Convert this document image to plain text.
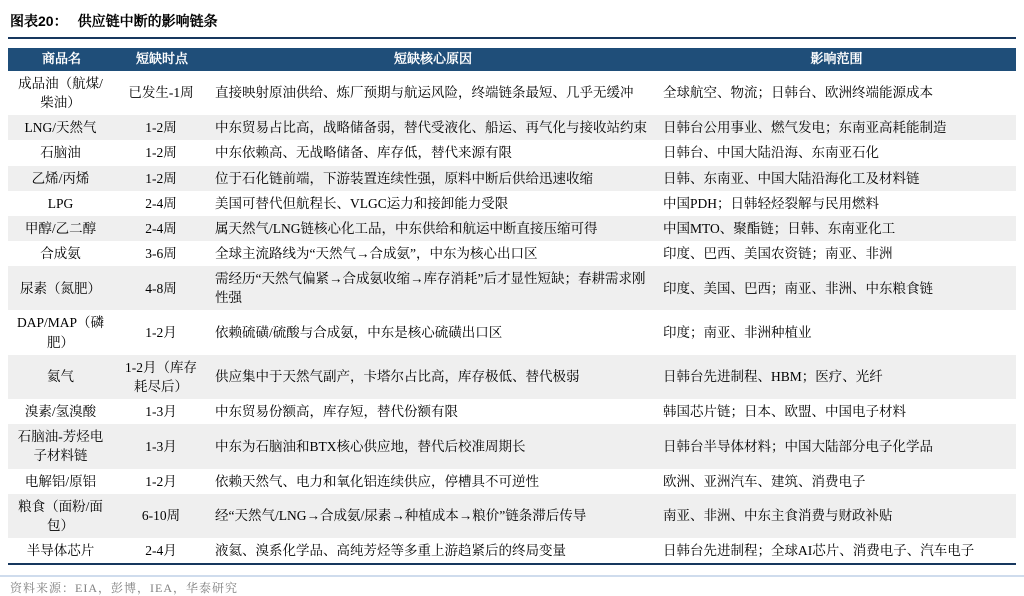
图表20： 供应链中断的影响链条
商品名	短缺时点	短缺核心原因	影响范围
成品油（航煤/柴油）	已发生-1周	直接映射原油供给、炼厂预期与航运风险，终端链条最短、几乎无缓冲	全球航空、物流；日韩台、欧洲终端能源成本
LNG/天然气	1-2周	中东贸易占比高，战略储备弱，替代受液化、船运、再气化与接收站约束	日韩台公用事业、燃气发电；东南亚高耗能制造
石脑油	1-2周	中东依赖高、无战略储备、库存低，替代来源有限	日韩台、中国大陆沿海、东南亚石化
乙烯/丙烯	1-2周	位于石化链前端，下游装置连续性强，原料中断后供给迅速收缩	日韩、东南亚、中国大陆沿海化工及材料链
LPG	2-4周	美国可替代但航程长、VLGC运力和接卸能力受限	中国PDH；日韩轻烃裂解与民用燃料
甲醇/乙二醇	2-4周	属天然气/LNG链核心化工品，中东供给和航运中断直接压缩可得	中国MTO、聚酯链；日韩、东南亚化工
合成氨	3-6周	全球主流路线为“天然气→合成氨”，中东为核心出口区	印度、巴西、美国农资链；南亚、非洲
尿素（氮肥）	4-8周	需经历“天然气偏紧→合成氨收缩→库存消耗”后才显性短缺；春耕需求刚性强	印度、美国、巴西；南亚、非洲、中东粮食链
DAP/MAP（磷肥）	1-2月	依赖硫磺/硫酸与合成氨，中东是核心硫磺出口区	印度；南亚、非洲种植业
氦气	1-2月（库存耗尽后）	供应集中于天然气副产，卡塔尔占比高，库存极低、替代极弱	日韩台先进制程、HBM；医疗、光纤
溴素/氢溴酸	1-3月	中东贸易份额高，库存短，替代份额有限	韩国芯片链；日本、欧盟、中国电子材料
石脑油-芳烃电子材料链	1-3月	中东为石脑油和BTX核心供应地，替代后校准周期长	日韩台半导体材料；中国大陆部分电子化学品
电解铝/原铝	1-2月	依赖天然气、电力和氧化铝连续供应，停槽具不可逆性	欧洲、亚洲汽车、建筑、消费电子
粮食（面粉/面包）	6-10周	经“天然气/LNG→合成氨/尿素→种植成本→粮价”链条滞后传导	南亚、非洲、中东主食消费与财政补贴
半导体芯片	2-4月	液氦、溴系化学品、高纯芳烃等多重上游趋紧后的终局变量	日韩台先进制程；全球AI芯片、消费电子、汽车电子
资料来源：EIA，彭博，IEA，华泰研究
